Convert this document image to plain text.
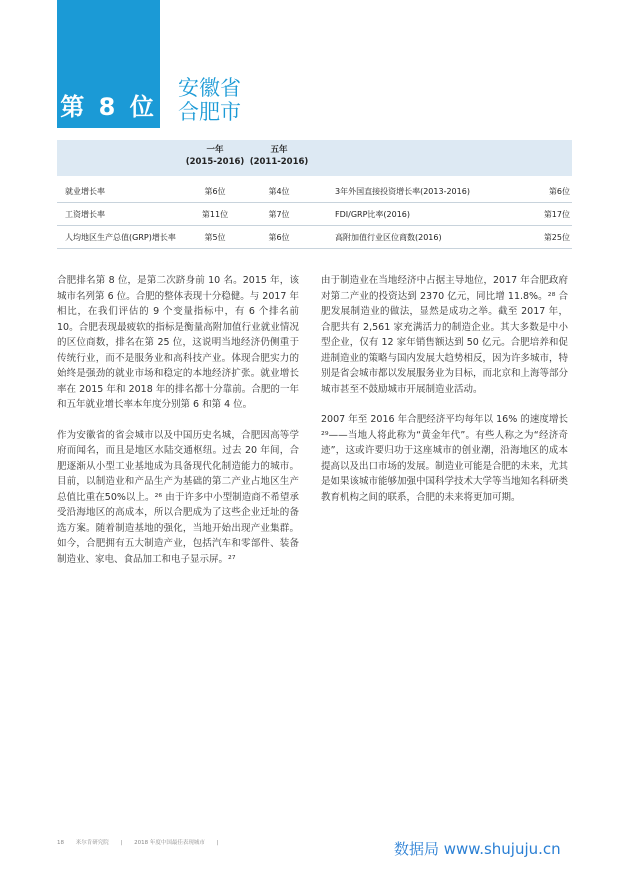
第 8 位
安徽省
合肥市
一年
(2015-2016)
五年
(2011-2016)
就业增长率	第6位	第4位	3年外国直接投资增长率(2013-2016)	第6位
工资增长率	第11位	第7位	FDI/GRP比率(2016)	第17位
人均地区生产总值(GRP)增长率	第5位	第6位	高附加值行业区位商数(2016)	第25位

合肥排名第 8 位，是第二次跻身前 10 名。2015 年，该城市名列第 6 位。合肥的整体表现十分稳健。与 2017 年相比，在我们评估的 9 个变量指标中，有 6 个排名前 10。合肥表现最疲软的指标是衡量高附加值行业就业情况的区位商数，排名在第 25 位，这说明当地经济仍侧重于传统行业，而不是服务业和高科技产业。体现合肥实力的始终是强劲的就业市场和稳定的本地经济扩张。就业增长率在 2015 年和 2018 年的排名都十分靠前。合肥的一年和五年就业增长率本年度分别第 6 和第 4 位。

作为安徽省的省会城市以及中国历史名城，合肥因高等学府而闻名，而且是地区水陆交通枢纽。过去 20 年间，合肥逐渐从小型工业基地成为具备现代化制造能力的城市。目前，以制造业和产品生产为基础的第二产业占地区生产总值比重在50%以上。²⁶ 由于许多中小型制造商不希望承受沿海地区的高成本，所以合肥成为了这些企业迁址的备选方案。随着制造基地的强化，当地开始出现产业集群。如今，合肥拥有五大制造产业，包括汽车和零部件、装备制造业、家电、食品加工和电子显示屏。²⁷

由于制造业在当地经济中占据主导地位，2017 年合肥政府对第二产业的投资达到 2370 亿元，同比增 11.8%。²⁸ 合肥发展制造业的做法，显然是成功之举。截至 2017 年，合肥共有 2,561 家充满活力的制造企业。其大多数是中小型企业，仅有 12 家年销售额达到 50 亿元。合肥培养和促进制造业的策略与国内发展大趋势相反，因为许多城市，特别是省会城市都以发展服务业为目标，而北京和上海等部分城市甚至不鼓励城市开展制造业活动。

2007 年至 2016 年合肥经济平均每年以 16% 的速度增长 ²⁹——当地人将此称为“黄金年代”。有些人称之为“经济奇迹”，这或许要归功于这座城市的创业潮，沿海地区的成本提高以及出口市场的发展。制造业可能是合肥的未来，尤其是如果该城市能够加强中国科学技术大学等当地知名科研类教育机构之间的联系，合肥的未来将更加可期。

18 米尔肯研究院 | 2018 年度中国最佳表现城市 |	数据局 www.shujuju.cn
